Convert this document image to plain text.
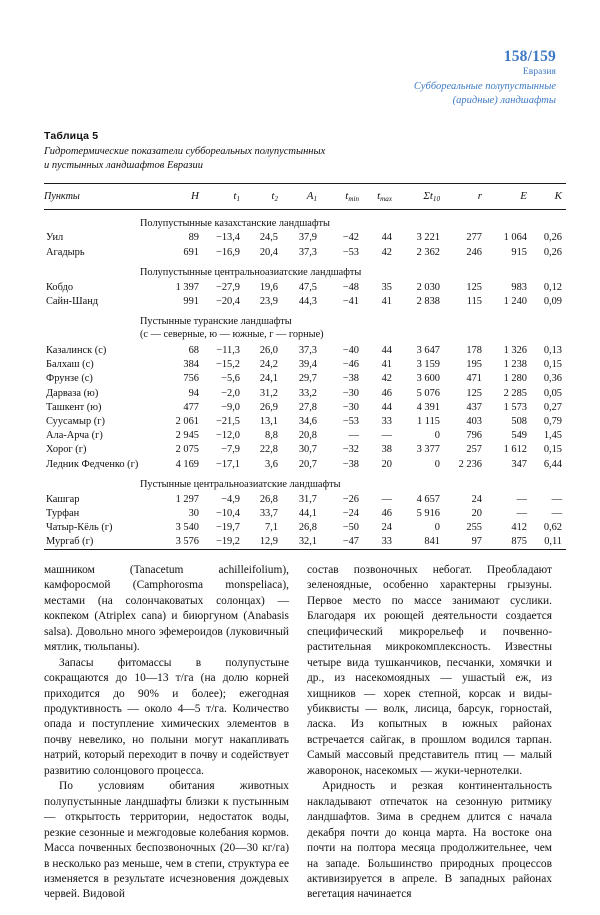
158/159
Евразия
Суббореальные полупустынные
(аридные) ландшафты
Таблица 5
Гидротермические показатели суббореальных полупустынных
и пустынных ландшафтов Евразии

Пункты	H	$t_1$	$t_2$	$A_1$	$t_{min}$	$t_{max}$	$\Sigma t_{10}$	r	E	K

Полупустынные казахстанские ландшафты										

Уил	89	−13,4	24,5	37,9	−42	44	3 221	277	1 064	0,26
Агадырь	691	−16,9	20,4	37,3	−53	42	2 362	246	915	0,26

Полупустынные центральноазиатские ландшафты										

Кобдо	1 397	−27,9	19,6	47,5	−48	35	2 030	125	983	0,12
Сайн-Шанд	991	−20,4	23,9	44,3	−41	41	2 838	115	1 240	0,09

Пустынные туранские ландшафты										

(с — северные, ю — южные, г — горные)										

Казалинск (с)	68	−11,3	26,0	37,3	−40	44	3 647	178	1 326	0,13
Балхаш (с)	384	−15,2	24,2	39,4	−46	41	3 159	195	1 238	0,15
Фрунзе (с)	756	−5,6	24,1	29,7	−38	42	3 600	471	1 280	0,36
Дарваза (ю)	94	−2,0	31,2	33,2	−30	46	5 076	125	2 285	0,05
Ташкент (ю)	477	−9,0	26,9	27,8	−30	44	4 391	437	1 573	0,27
Суусамыр (г)	2 061	−21,5	13,1	34,6	−53	33	1 115	403	508	0,79
Ала-Арча (г)	2 945	−12,0	8,8	20,8	—	—	0	796	549	1,45
Хорог (г)	2 075	−7,9	22,8	30,7	−32	38	3 377	257	1 612	0,15
Ледник Федченко (г)	4 169	−17,1	3,6	20,7	−38	20	0	2 236	347	6,44

Пустынные центральноазиатские ландшафты										

Кашгар	1 297	−4,9	26,8	31,7	−26	—	4 657	24	—	—
Турфан	30	−10,4	33,7	44,1	−24	46	5 916	20	—	—
Чатыр-Кёль (г)	3 540	−19,7	7,1	26,8	−50	24	0	255	412	0,62
Мургаб (г)	3 576	−19,2	12,9	32,1	−47	33	841	97	875	0,11

машником (Tanacetum achilleifolium), камфоросмой (Camphorosma monspeliaca), местами (на солончаковатых солонцах) — кокпеком (Atriplex cana) и биюргуном (Anabasis salsa). Довольно много эфемероидов (луковичный мятлик, тюльпаны).

Запасы фитомассы в полупустыне сокращаются до 10—13 т/га (на долю корней приходится до 90% и более); ежегодная продуктивность — около 4—5 т/га. Количество опада и поступление химических элементов в почву невелико, но полыни могут накапливать натрий, который переходит в почву и содействует развитию солонцового процесса.

По условиям обитания животных полупустынные ландшафты близки к пустынным — открытость территории, недостаток воды, резкие сезонные и межгодовые колебания кормов. Масса почвенных беспозвоночных (20—30 кг/га) в несколько раз меньше, чем в степи, структура ее изменяется в результате исчезновения дождевых червей. Видовой

состав позвоночных небогат. Преобладают зеленоядные, особенно характерны грызуны. Первое место по массе занимают суслики. Благодаря их роющей деятельности создается специфический микрорельеф и почвенно-растительная микрокомплексность. Известны четыре вида тушканчиков, песчанки, хомячки и др., из насекомоядных — ушастый еж, из хищников — хорек степной, корсак и виды-убиквисты — волк, лисица, барсук, горностай, ласка. Из копытных в южных районах встречается сайгак, в прошлом водился тарпан. Самый массовый представитель птиц — малый жаворонок, насекомых — жуки-чернотелки.

Аридность и резкая континентальность накладывают отпечаток на сезонную ритмику ландшафтов. Зима в среднем длится с начала декабря почти до конца марта. На востоке она почти на полтора месяца продолжительнее, чем на западе. Большинство природных процессов активизируется в апреле. В западных районах вегетация начинается
